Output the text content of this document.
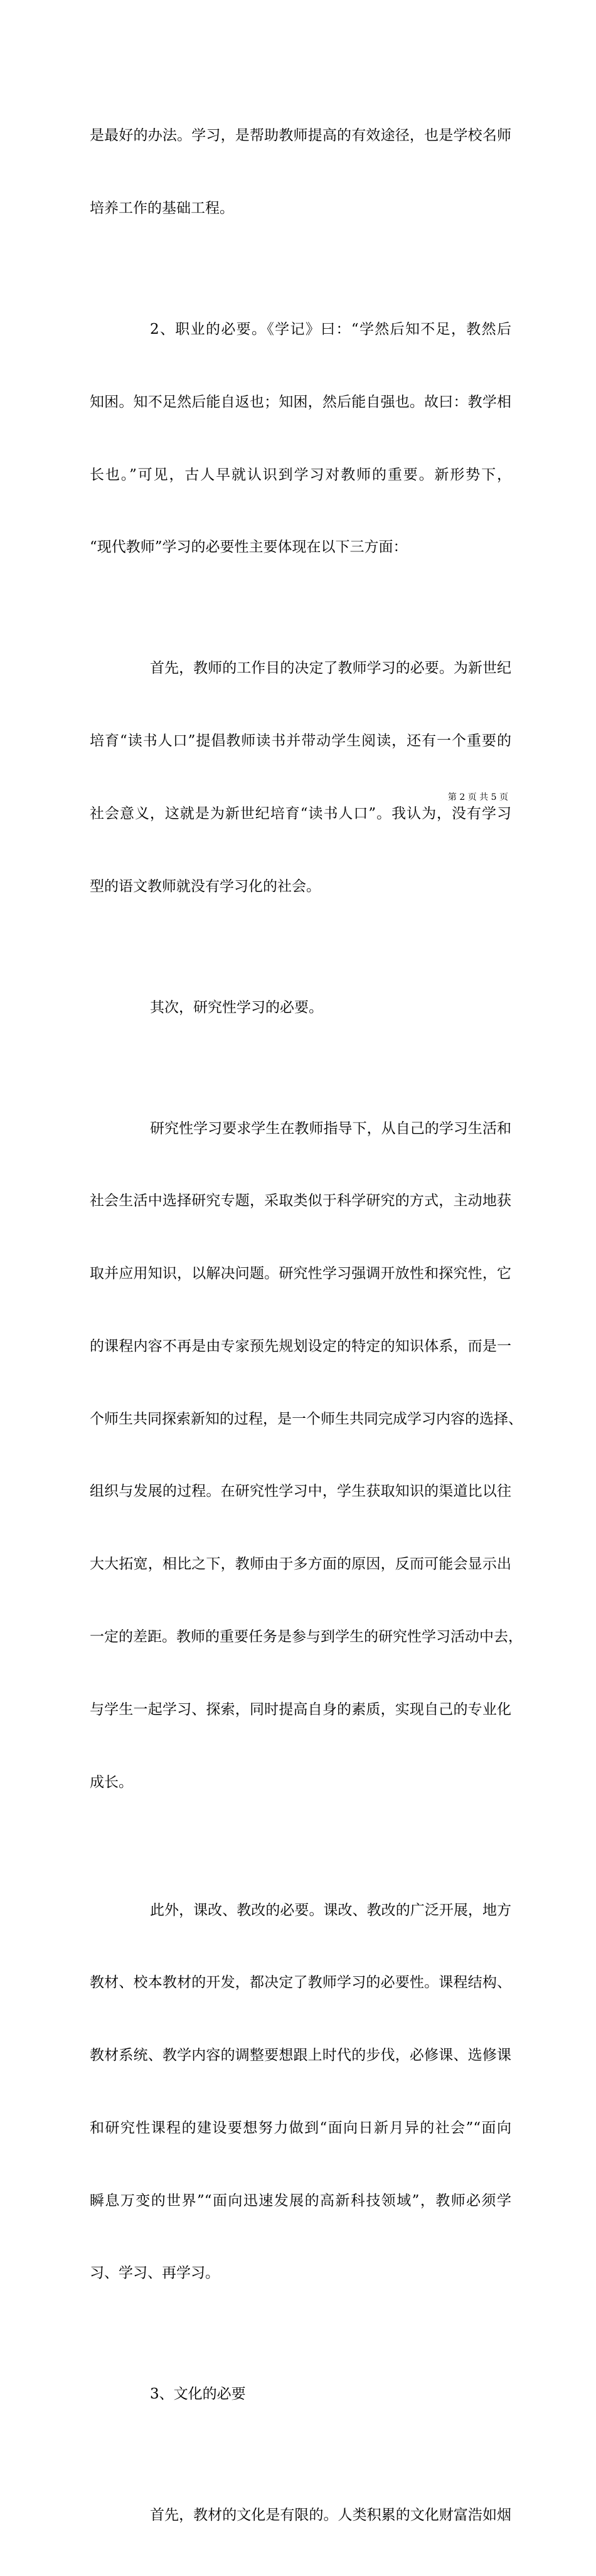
是最好的办法。学习，是帮助教师提高的有效途径，也是学校名师

培养工作的基础工程。

2、职业的必要。《学记》曰：“学然后知不足，教然后

知困。知不足然后能自返也；知困，然后能自强也。故曰：教学相

长也。”可见，古人早就认识到学习对教师的重要。新形势下，

“现代教师”学习的必要性主要体现在以下三方面：

首先，教师的工作目的决定了教师学习的必要。为新世纪

培育“读书人口”提倡教师读书并带动学生阅读，还有一个重要的

社会意义，这就是为新世纪培育“读书人口”。我认为，没有学习

型的语文教师就没有学习化的社会。

其次，研究性学习的必要。

研究性学习要求学生在教师指导下，从自己的学习生活和

社会生活中选择研究专题，采取类似于科学研究的方式，主动地获

取并应用知识，以解决问题。研究性学习强调开放性和探究性，它

的课程内容不再是由专家预先规划设定的特定的知识体系，而是一

个师生共同探索新知的过程，是一个师生共同完成学习内容的选择、

组织与发展的过程。在研究性学习中，学生获取知识的渠道比以往

大大拓宽，相比之下，教师由于多方面的原因，反而可能会显示出

一定的差距。教师的重要任务是参与到学生的研究性学习活动中去，

与学生一起学习、探索，同时提高自身的素质，实现自己的专业化

成长。

此外，课改、教改的必要。课改、教改的广泛开展，地方

教材、校本教材的开发，都决定了教师学习的必要性。课程结构、

教材系统、教学内容的调整要想跟上时代的步伐，必修课、选修课

和研究性课程的建设要想努力做到“面向日新月异的社会”“面向

瞬息万变的世界”“面向迅速发展的高新科技领域”，教师必须学

习、学习、再学习。

3、文化的必要

首先，教材的文化是有限的。人类积累的文化财富浩如烟

第 2 页 共 5 页
